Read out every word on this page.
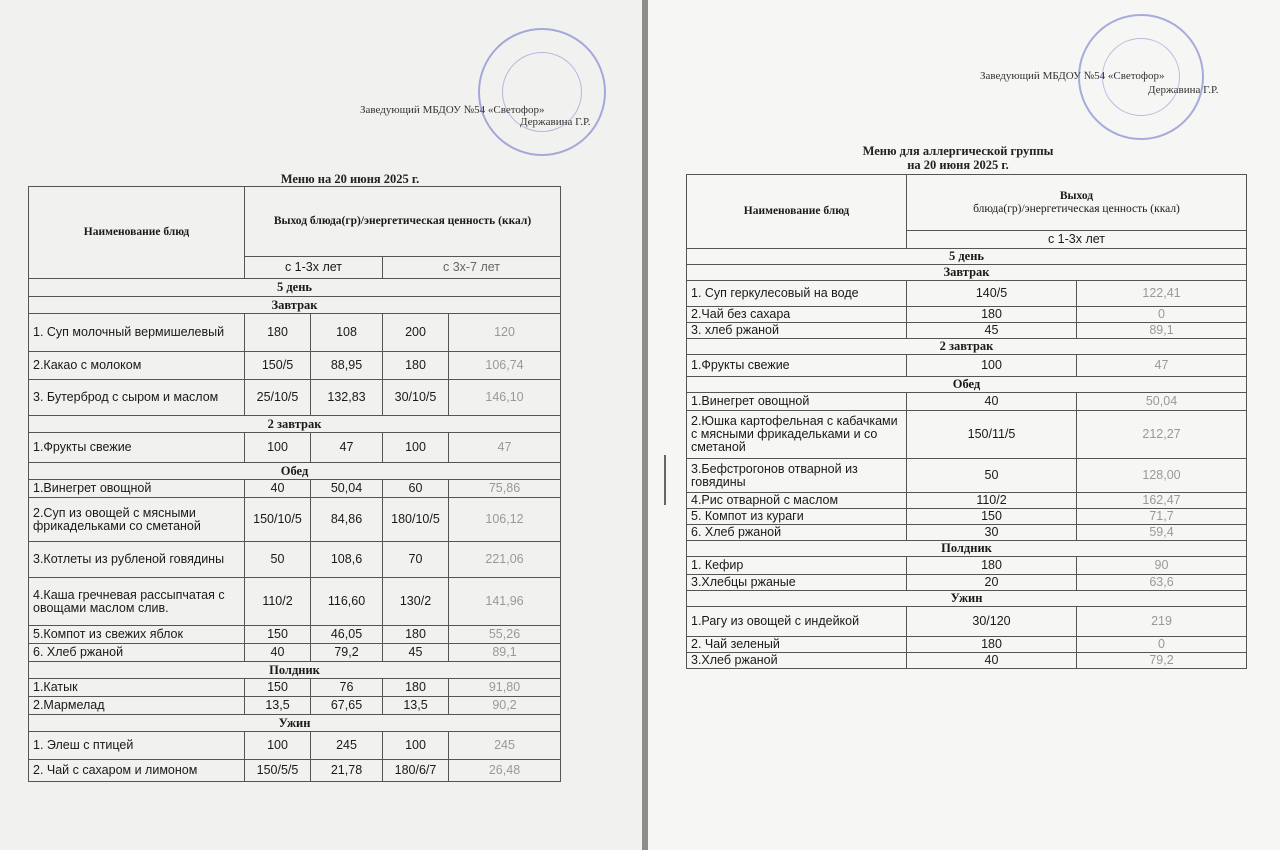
Заведующий МБДОУ №54 «Светофор»
Державина Г.Р.
Меню на 20 июня 2025 г.
Наименование блюд	Выход блюда(гр)/энергетическая ценность (ккал)			
	с 1-3х лет		с 3х-7 лет	
5 день				
Завтрак				
1. Суп молочный вермишелевый	180	108	200	120
2.Какао с молоком	150/5	88,95	180	106,74
3. Бутерброд с сыром и маслом	25/10/5	132,83	30/10/5	146,10
2 завтрак				
1.Фрукты свежие	100	47	100	47
Обед				
1.Винегрет овощной	40	50,04	60	75,86
2.Суп из овощей с мясными фрикадельками со сметаной	150/10/5	84,86	180/10/5	106,12
3.Котлеты из рубленой говядины	50	108,6	70	221,06
4.Каша гречневая рассыпчатая с овощами маслом слив.	110/2	116,60	130/2	141,96
5.Компот из свежих яблок	150	46,05	180	55,26
6. Хлеб ржаной	40	79,2	45	89,1
Полдник				
1.Катык	150	76	180	91,80
2.Мармелад	13,5	67,65	13,5	90,2
Ужин				
1. Элеш с птицей	100	245	100	245
2. Чай с сахаром и лимоном	150/5/5	21,78	180/6/7	26,48
Заведующий МБДОУ №54 «Светофор»
Державина Г.Р.
Меню для аллергической группы
на 20 июня 2025 г.
Наименование блюд	Выход
блюда(гр)/энергетическая ценность (ккал)	

	с 1-3х лет	
5 день		
Завтрак		
1. Суп геркулесовый на воде	140/5	122,41
2.Чай без сахара	180	0
3. хлеб ржаной	45	89,1
2 завтрак		
1.Фрукты свежие	100	47
Обед		
1.Винегрет овощной	40	50,04
2.Юшка картофельная с кабачками с мясными фрикадельками и со сметаной	150/11/5	212,27
3.Бефстрогонов отварной из говядины	50	128,00
4.Рис отварной с маслом	110/2	162,47
5. Компот из кураги	150	71,7
6. Хлеб ржаной	30	59,4
Полдник		
1. Кефир	180	90
3.Хлебцы ржаные	20	63,6
Ужин		
1.Рагу из овощей с индейкой	30/120	219
2. Чай зеленый	180	0
3.Хлеб ржаной	40	79,2
